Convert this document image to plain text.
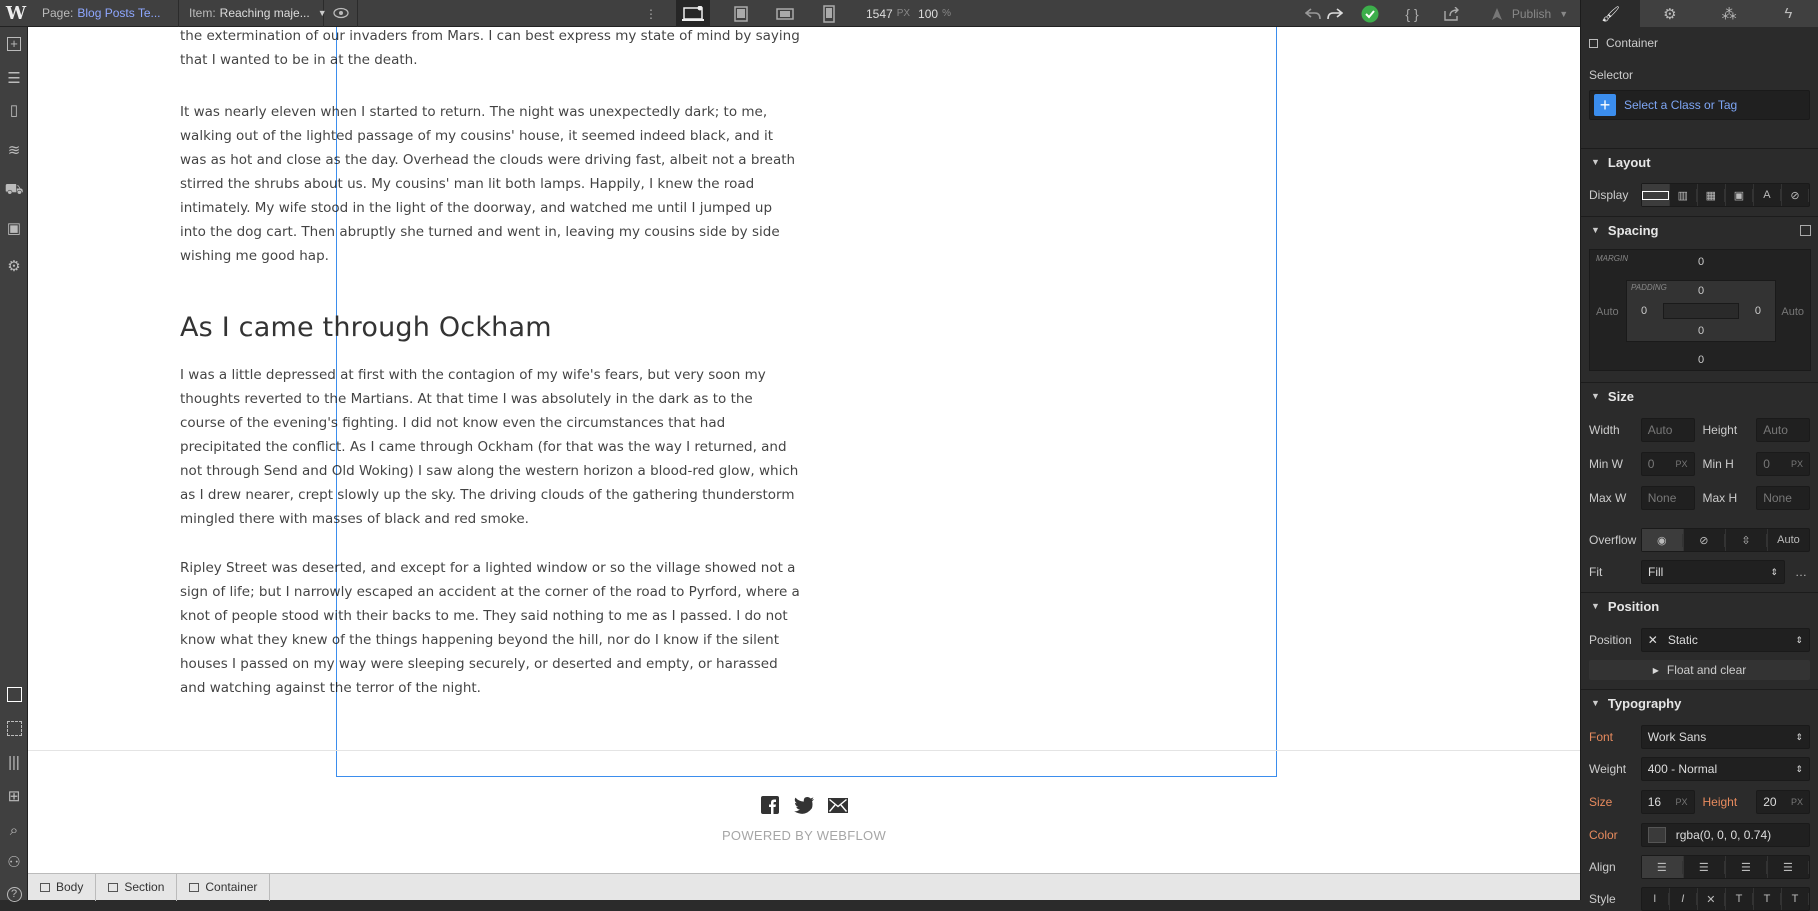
W	Page: Blog Posts Te... Item: Reaching maje... ▼	⋮	1547 PX 100 %	{ }	Publish ▼
+
☰
▯
≋
⛟
▣
⚙
|||
⊞
⌕
⚇
?

the extermination of our invaders from Mars. I can best express my state of mind by saying that I wanted to be in at the death.

It was nearly eleven when I started to return. The night was unexpectedly dark; to me, walking out of the lighted passage of my cousins' house, it seemed indeed black, and it was as hot and close as the day. Overhead the clouds were driving fast, albeit not a breath stirred the shrubs about us. My cousins' man lit both lamps. Happily, I knew the road intimately. My wife stood in the light of the doorway, and watched me until I jumped up into the dog cart. Then abruptly she turned and went in, leaving my cousins side by side wishing me good hap.

As I came through Ockham

I was a little depressed at first with the contagion of my wife's fears, but very soon my thoughts reverted to the Martians. At that time I was absolutely in the dark as to the course of the evening's fighting. I did not know even the circumstances that had precipitated the conflict. As I came through Ockham (for that was the way I returned, and not through Send and Old Woking) I saw along the western horizon a blood-red glow, which as I drew nearer, crept slowly up the sky. The driving clouds of the gathering thunderstorm mingled there with masses of black and red smoke.

Ripley Street was deserted, and except for a lighted window or so the village showed not a sign of life; but I narrowly escaped an accident at the corner of the road to Pyrford, where a knot of people stood with their backs to me. They said nothing to me as I passed. I do not know what they knew of the things happening beyond the hill, nor do I know if the silent houses I passed on my way were sleeping securely, or deserted and empty, or harassed and watching against the terror of the night.

POWERED BY WEBFLOW
Body	Section	Container
🖌︎	⚙	⁂	ϟ
Container
Selector
+	Select a Class or Tag
▼ Layout
Display	▥	▦	▣	A	⊘
▼ Spacing
MARGIN	0
Auto	Auto
0
PADDING	0
0	0
0
▼ Size
Width	Auto	Height	Auto
Min W	0 PX Min H	0 PX
Max W	None Max H	None
Overflow	◉	⊘	⇳	Auto
Fit	Fill	⇕ …
▼ Position
Position	✕ Static	⇕
▶ Float and clear
▼ Typography
Font	Work Sans	⇕
Weight	400 - Normal	⇕
Size	16 PX Height	20 PX
Color	rgba(0, 0, 0, 0.74)
Align	☰	☰	☰	☰
Style	I	I	✕	T	T	T
